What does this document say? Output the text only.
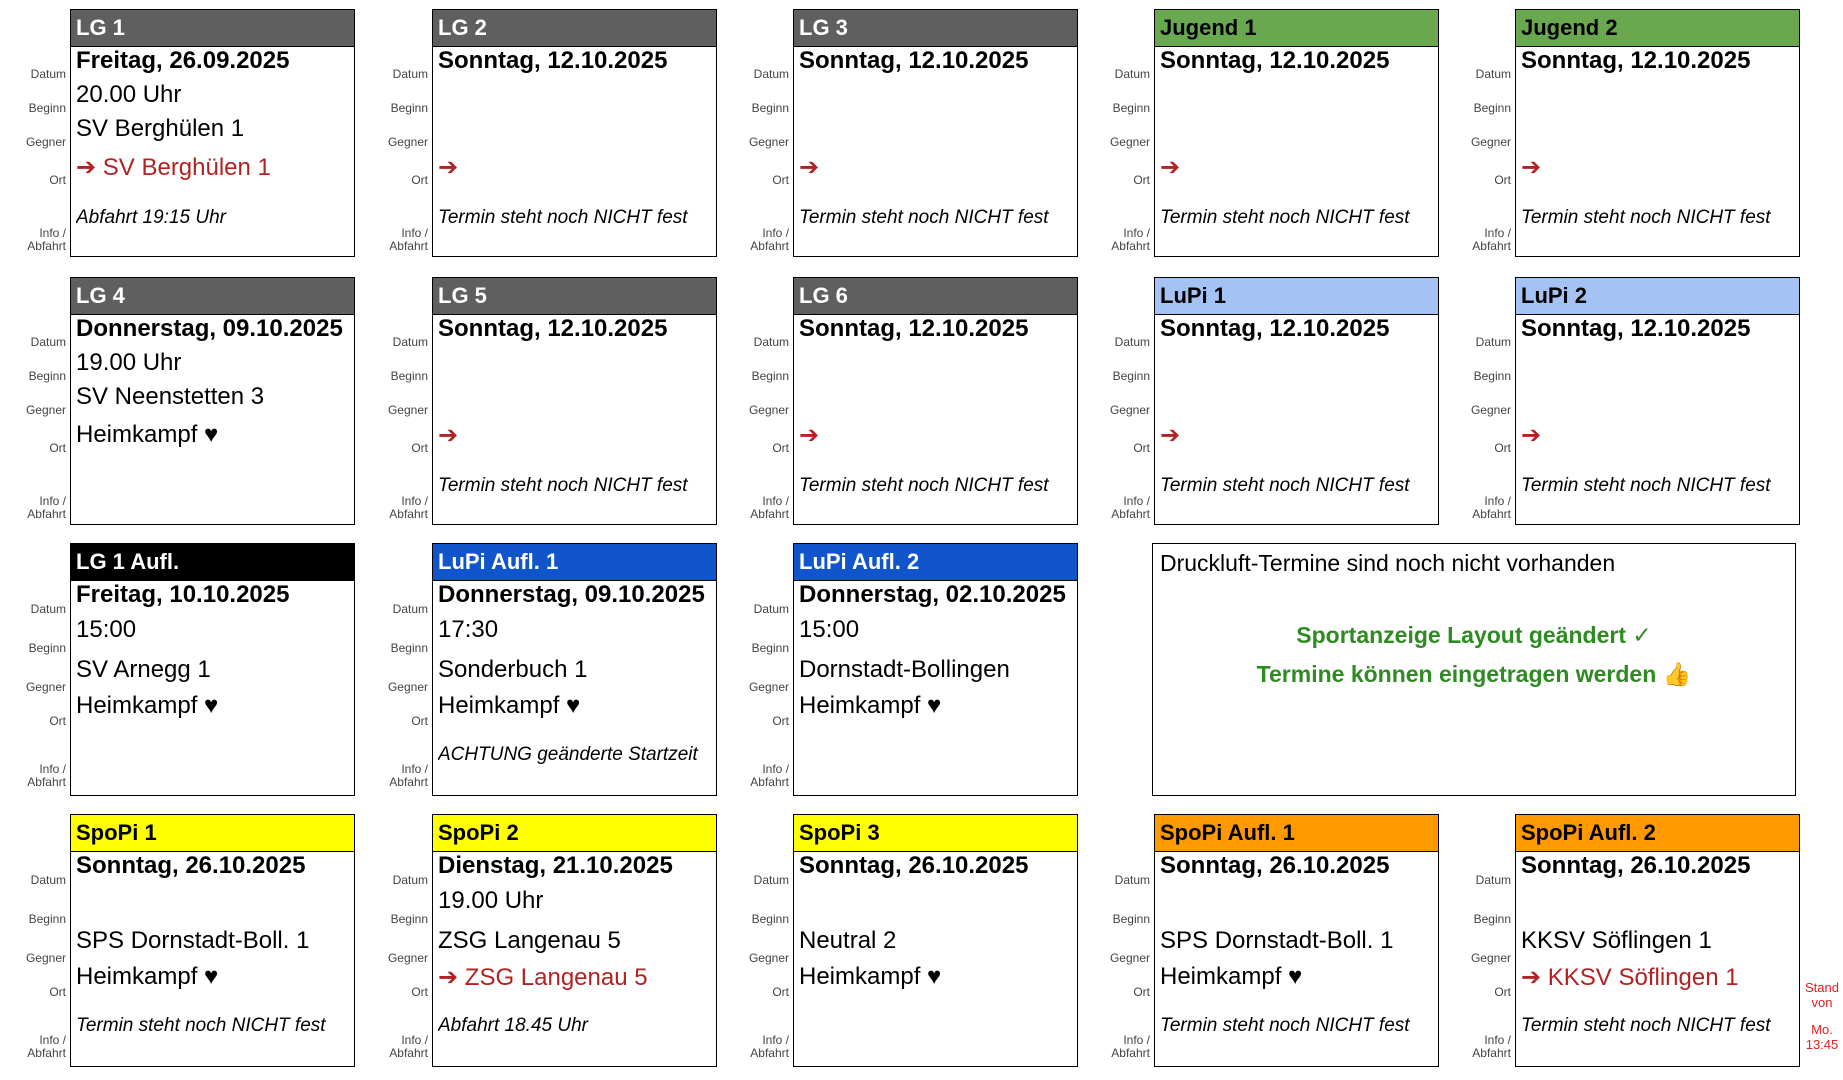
Datum
Beginn
Gegner
Ort
Info /
Abfahrt
LG 1
Freitag, 26.09.2025
20.00 Uhr
SV Berghülen 1
➔ SV Berghülen 1
Abfahrt 19:15 Uhr
Datum
Beginn
Gegner
Ort
Info /
Abfahrt
LG 2
Sonntag, 12.10.2025
➔
Termin steht noch NICHT fest
Datum
Beginn
Gegner
Ort
Info /
Abfahrt
LG 3
Sonntag, 12.10.2025
➔
Termin steht noch NICHT fest
Datum
Beginn
Gegner
Ort
Info /
Abfahrt
Jugend 1
Sonntag, 12.10.2025
➔
Termin steht noch NICHT fest
Datum
Beginn
Gegner
Ort
Info /
Abfahrt
Jugend 2
Sonntag, 12.10.2025
➔
Termin steht noch NICHT fest
Datum
Beginn
Gegner
Ort
Info /
Abfahrt
LG 4
Donnerstag, 09.10.2025
19.00 Uhr
SV Neenstetten 3
Heimkampf ♥
Datum
Beginn
Gegner
Ort
Info /
Abfahrt
LG 5
Sonntag, 12.10.2025
➔
Termin steht noch NICHT fest
Datum
Beginn
Gegner
Ort
Info /
Abfahrt
LG 6
Sonntag, 12.10.2025
➔
Termin steht noch NICHT fest
Datum
Beginn
Gegner
Ort
Info /
Abfahrt
LuPi 1
Sonntag, 12.10.2025
➔
Termin steht noch NICHT fest
Datum
Beginn
Gegner
Ort
Info /
Abfahrt
LuPi 2
Sonntag, 12.10.2025
➔
Termin steht noch NICHT fest
Datum
Beginn
Gegner
Ort
Info /
Abfahrt
LG 1 Aufl.
Freitag, 10.10.2025
15:00
SV Arnegg 1
Heimkampf ♥
Datum
Beginn
Gegner
Ort
Info /
Abfahrt
LuPi Aufl. 1
Donnerstag, 09.10.2025
17:30
Sonderbuch 1
Heimkampf ♥
ACHTUNG geänderte Startzeit
Datum
Beginn
Gegner
Ort
Info /
Abfahrt
LuPi Aufl. 2
Donnerstag, 02.10.2025
15:00
Dornstadt-Bollingen
Heimkampf ♥
Datum
Beginn
Gegner
Ort
Info /
Abfahrt
SpoPi 1
Sonntag, 26.10.2025
SPS Dornstadt-Boll. 1
Heimkampf ♥
Termin steht noch NICHT fest
Datum
Beginn
Gegner
Ort
Info /
Abfahrt
SpoPi 2
Dienstag, 21.10.2025
19.00 Uhr
ZSG Langenau 5
➔ ZSG Langenau 5
Abfahrt 18.45 Uhr
Datum
Beginn
Gegner
Ort
Info /
Abfahrt
SpoPi 3
Sonntag, 26.10.2025
Neutral 2
Heimkampf ♥
Datum
Beginn
Gegner
Ort
Info /
Abfahrt
SpoPi Aufl. 1
Sonntag, 26.10.2025
SPS Dornstadt-Boll. 1
Heimkampf ♥
Termin steht noch NICHT fest
Datum
Beginn
Gegner
Ort
Info /
Abfahrt
SpoPi Aufl. 2
Sonntag, 26.10.2025
KKSV Söflingen 1
➔ KKSV Söflingen 1
Termin steht noch NICHT fest
Druckluft-Termine sind noch nicht vorhanden
Sportanzeige Layout geändert ✓
Termine können eingetragen werden 👍
Stand
von
Mo.
13:45
